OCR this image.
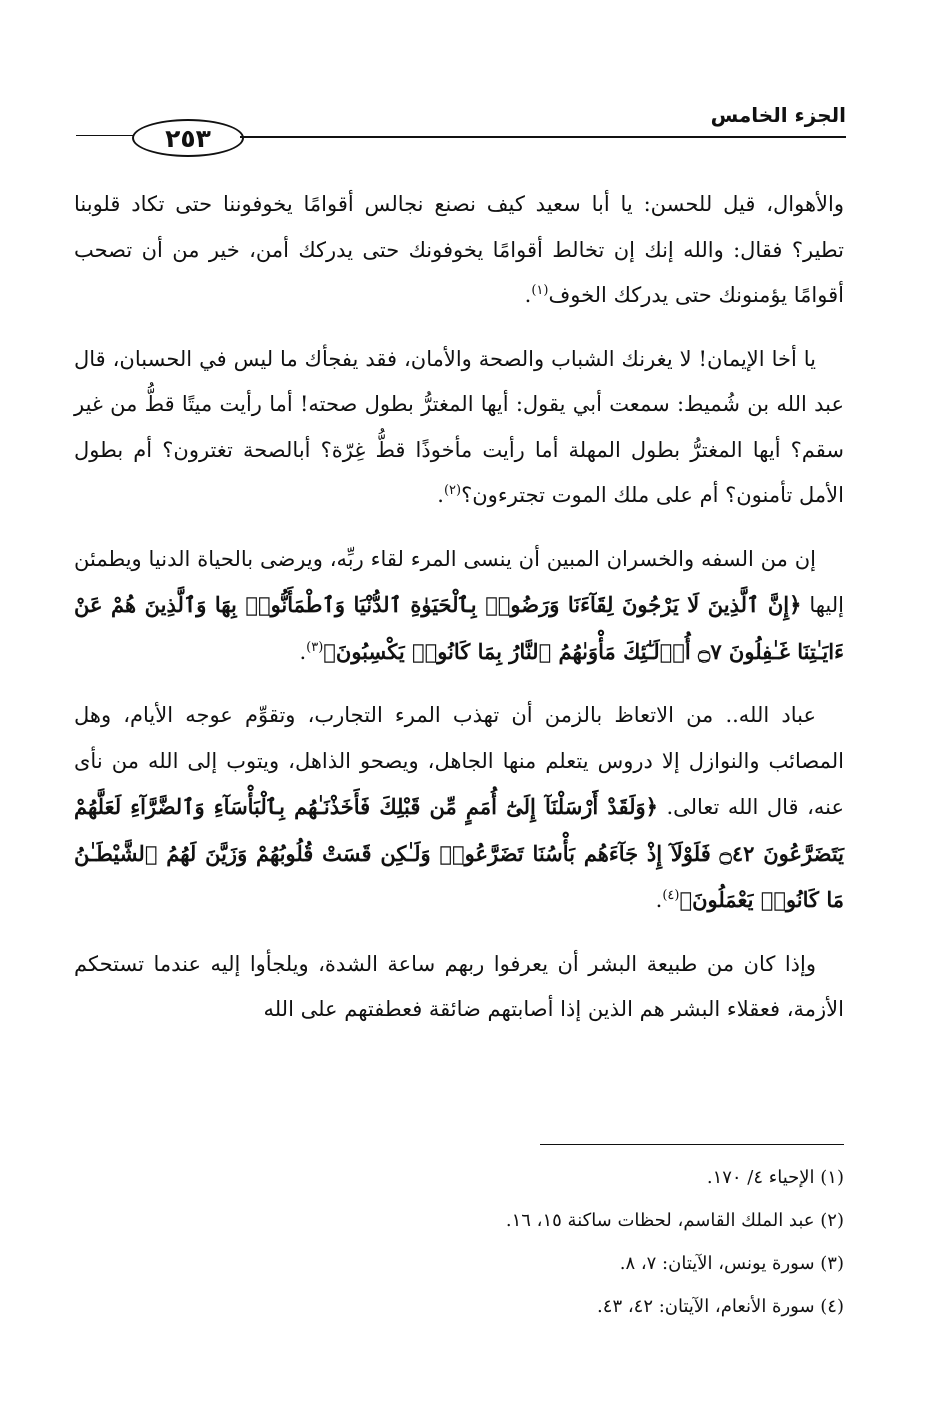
٢٥٣
الجزء الخامس

والأهوال، قيل للحسن: يا أبا سعيد كيف نصنع نجالس أقوامًا يخوفوننا حتى تكاد قلوبنا تطير؟ فقال: والله إنك إن تخالط أقوامًا يخوفونك حتى يدركك أمن، خير من أن تصحب أقوامًا يؤمنونك حتى يدركك الخوف$^{(١)}$.

يا أخا الإيمان! لا يغرنك الشباب والصحة والأمان، فقد يفجأك ما ليس في الحسبان، قال عبد الله بن شُميط: سمعت أبي يقول: أيها المغترُّ بطول صحته! أما رأيت ميتًا قطُّ من غير سقم؟ أيها المغترُّ بطول المهلة أما رأيت مأخوذًا قطُّ غِرّة؟ أبالصحة تغترون؟ أم بطول الأمل تأمنون؟ أم على ملك الموت تجترءون؟$^{(٢)}$.

إن من السفه والخسران المبين أن ينسى المرء لقاء ربِّه، ويرضى بالحياة الدنيا ويطمئن إليها ﴿إِنَّ ٱلَّذِينَ لَا يَرْجُونَ لِقَآءَنَا وَرَضُوا۟ بِٱلْحَيَوٰةِ ٱلدُّنْيَا وَٱطْمَأَنُّوا۟ بِهَا وَٱلَّذِينَ هُمْ عَنْ ءَايَـٰتِنَا غَـٰفِلُونَ ۝٧ أُو۟لَـٰٓئِكَ مَأْوَىٰهُمُ ٱلنَّارُ بِمَا كَانُوا۟ يَكْسِبُونَ﴾$^{(٣)}$.

عباد الله.. من الاتعاظ بالزمن أن تهذب المرء التجارب، وتقوِّم عوجه الأيام، وهل المصائب والنوازل إلا دروس يتعلم منها الجاهل، ويصحو الذاهل، ويتوب إلى الله من نأى عنه، قال الله تعالى. ﴿وَلَقَدْ أَرْسَلْنَآ إِلَىٰٓ أُمَمٍ مِّن قَبْلِكَ فَأَخَذْنَـٰهُم بِٱلْبَأْسَآءِ وَٱلضَّرَّآءِ لَعَلَّهُمْ يَتَضَرَّعُونَ ۝٤٢ فَلَوْلَآ إِذْ جَآءَهُم بَأْسُنَا تَضَرَّعُوا۟ وَلَـٰكِن قَسَتْ قُلُوبُهُمْ وَزَيَّنَ لَهُمُ ٱلشَّيْطَـٰنُ مَا كَانُوا۟ يَعْمَلُونَ﴾$^{(٤)}$.

وإذا كان من طبيعة البشر أن يعرفوا ربهم ساعة الشدة، ويلجأوا إليه عندما تستحكم الأزمة، فعقلاء البشر هم الذين إذا أصابتهم ضائقة فعطفتهم على الله

(١) الإحياء ٤/ ١٧٠.
(٢) عبد الملك القاسم، لحظات ساكنة ١٥، ١٦.
(٣) سورة يونس، الآيتان: ٧، ٨.
(٤) سورة الأنعام، الآيتان: ٤٢، ٤٣.
